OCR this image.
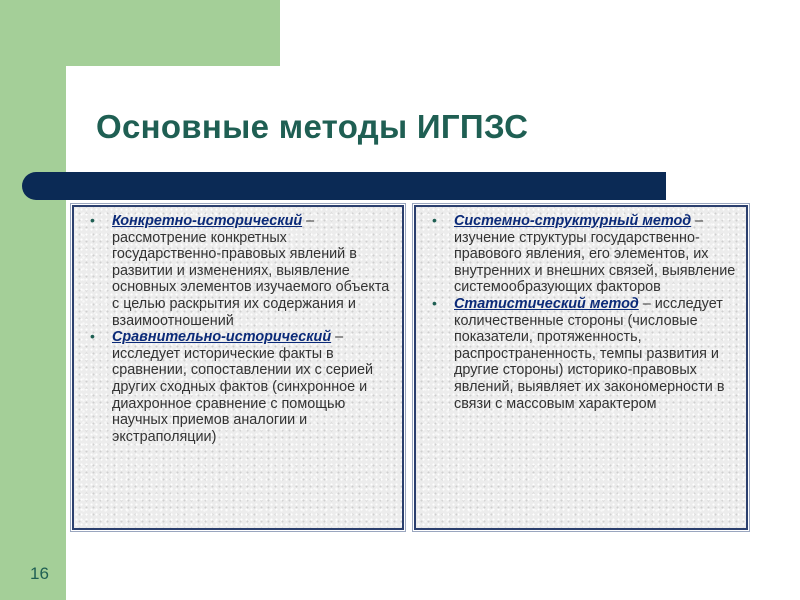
Основные методы ИГПЗС
• Конкретно-исторический – рассмотрение конкретных государственно-правовых явлений в развитии и изменениях, выявление основных элементов изучаемого объекта с целью раскрытия их содержания и взаимоотношений
• Сравнительно-исторический – исследует исторические факты в сравнении, сопоставлении их с серией других сходных фактов (синхронное и диахронное сравнение с помощью научных приемов аналогии и экстраполяции)
• Системно-структурный метод – изучение структуры государственно-правового явления, его элементов, их внутренних и внешних связей, выявление системообразующих факторов
• Статистический метод – исследует количественные стороны (числовые показатели, протяженность, распространенность, темпы развития и другие стороны) историко-правовых явлений, выявляет их закономерности в связи с массовым характером
16
